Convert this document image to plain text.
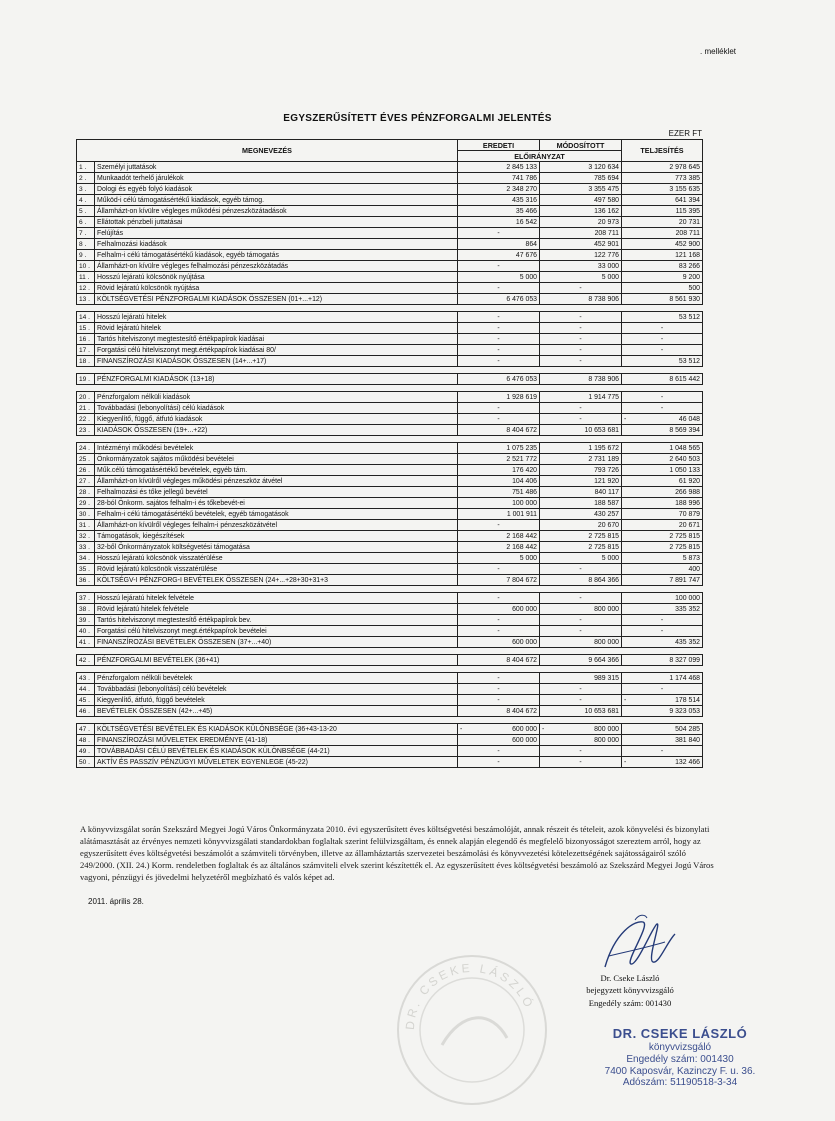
. melléklet
EGYSZERŰSÍTETT ÉVES PÉNZFORGALMI JELENTÉS
EZER FT
MEGNEVEZÉS		EREDETI	MÓDOSÍTOTT	TELJESÍTÉS
		ELŐIRÁNYZAT		
1 .	Személyi juttatások	2 845 133	3 120 634	2 978 645
2 .	Munkaadót terhelő járulékok	741 786	785 694	773 385
3 .	Dologi és egyéb folyó kiadások	2 348 270	3 355 475	3 155 635
4 .	Működ-i célú támogatásértékű kiadások, egyéb támog.	435 316	497 580	641 394
5 .	Államházt-on kívülre végleges működési pénzeszközátadások	35 466	136 162	115 395
6 .	Ellátottak pénzbeli juttatásai	16 542	20 973	20 731
7 .	Felújítás	-	208 711	208 711
8 .	Felhalmozási kiadások	864	452 901	452 900
9 .	Felhalm-i célú támogatásértékű kiadások, egyéb támogatás	47 676	122 776	121 168
10 .	Államházt-on kívülre végleges felhalmozási pénzeszközátadás	-	33 000	83 266
11 .	Hosszú lejáratú kölcsönök nyújtása	5 000	5 000	9 200
12 .	Rövid lejáratú kölcsönök nyújtása	-	-	500
13 .	KÖLTSÉGVETÉSI PÉNZFORGALMI KIADÁSOK ÖSSZESEN (01+...+12)	6 476 053	8 738 906	8 561 930

14 .	Hosszú lejáratú hitelek	-	-	53 512
15 .	Rövid lejáratú hitelek	-	-	-
16 .	Tartós hitelviszonyt megtestesítő értékpapírok kiadásai	-	-	-
17 .	Forgatási célú hitelviszonyt megt.értékpapírok kiadásai 80/	-	-	-
18 .	FINANSZÍROZÁSI KIADÁSOK ÖSSZESEN (14+...+17)	-	-	53 512

19 .	PÉNZFORGALMI KIADÁSOK (13+18)	6 476 053	8 738 906	8 615 442

20 .	Pénzforgalom nélküli kiadások	1 928 619	1 914 775	-
21 .	Továbbadási (lebonyolítási) célú kiadások	-	-	-
22 .	Kiegyenlítő, függő, átfutó kiadások	-	-	- 46 048
23 .	KIADÁSOK ÖSSZESEN (19+...+22)	8 404 672	10 653 681	8 569 394

24 .	Intézményi működési bevételek	1 075 235	1 195 672	1 048 565
25 .	Önkormányzatok sajátos működési bevételei	2 521 772	2 731 189	2 640 503
26 .	Műk.célú támogatásértékű bevételek, egyéb tám.	176 420	793 726	1 050 133
27 .	Államházt-on kívülről végleges működési pénzeszköz átvétel	104 406	121 920	61 920
28 .	Felhalmozási és tőke jellegű bevétel	751 486	840 117	266 988
29 .	28-ból Önkorm. sajátos felhalm-i és tőkebevét-ei	100 000	188 587	188 996
30 .	Felhalm-i célú támogatásértékű bevételek, egyéb támogatások	1 001 911	430 257	70 879
31 .	Államházt-on kívülről végleges felhalm-i pénzeszközátvétel	-	20 670	20 671
32 .	Támogatások, kiegészítések	2 168 442	2 725 815	2 725 815
33 .	32-ből Önkormányzatok költségvetési támogatása	2 168 442	2 725 815	2 725 815
34 .	Hosszú lejáratú kölcsönök visszatérülése	5 000	5 000	5 873
35 .	Rövid lejáratú kölcsönök visszatérülése	-	-	400
36 .	KÖLTSÉGV-I PÉNZFORG-I BEVÉTELEK ÖSSZESEN (24+...+28+30+31+3	7 804 672	8 864 366	7 891 747

37 .	Hosszú lejáratú hitelek felvétele	-	-	100 000
38 .	Rövid lejáratú hitelek felvétele	600 000	800 000	335 352
39 .	Tartós hitelviszonyt megtestesítő értékpapírok bev.	-	-	-
40 .	Forgatási célú hitelviszonyt megt.értékpapírok bevételei	-	-	-
41 .	FINANSZÍROZÁSI BEVÉTELEK ÖSSZESEN (37+...+40)	600 000	800 000	435 352

42 .	PÉNZFORGALMI BEVÉTELEK (36+41)	8 404 672	9 664 366	8 327 099

43 .	Pénzforgalom nélküli bevételek	-	989 315	1 174 468
44 .	Továbbadási (lebonyolítási) célú bevételek	-	-	-
45 .	Kiegyenlítő, átfutó, függő bevételek	-	-	- 178 514
46 .	BEVÉTELEK ÖSSZESEN (42+...+45)	8 404 672	10 653 681	9 323 053

47 .	KÖLTSÉGVETÉSI BEVÉTELEK ÉS KIADÁSOK KÜLÖNBSÉGE (36+43-13-20	- 600 000	- 800 000	504 285
48 .	FINANSZÍROZÁSI MŰVELETEK EREDMÉNYE (41-18)	600 000	800 000	381 840
49 .	TOVÁBBADÁSI CÉLÚ BEVÉTELEK ÉS KIADÁSOK KÜLÖNBSÉGE (44-21)	-	-	-
50 .	AKTÍV ÉS PASSZÍV PÉNZÜGYI MŰVELETEK EGYENLEGE (45-22)	-	-	- 132 466
A könyvvizsgálat során Szekszárd Megyei Jogú Város Önkormányzata 2010. évi egyszerűsített éves költségvetési beszámolóját, annak részeit és tételeit, azok könyvelési és bizonylati alátámasztását az érvényes nemzeti könyvvizsgálati standardokban foglaltak szerint felülvizsgáltam, és ennek alapján elegendő és megfelelő bizonyosságot szereztem arról, hogy az egyszerűsített éves költségvetési beszámolót a számviteli törvényben, illetve az államháztartás szervezetei beszámolási és könyvvezetési kötelezettségének sajátosságairól szóló 249/2000. (XII. 24.) Korm. rendeletben foglaltak és az általános számviteli elvek szerint készítették el. Az egyszerűsített éves költségvetési beszámoló az Szekszárd Megyei Jogú Város vagyoni, pénzügyi és jövedelmi helyzetéről megbízható és valós képet ad.
2011. április 28.
DR. CSEKE LÁSZLÓ
Dr. Cseke László
bejegyzett könyvvizsgáló
Engedély szám: 001430
DR. CSEKE LÁSZLÓ
könyvvizsgáló
Engedély szám: 001430
7400 Kaposvár, Kazinczy F. u. 36.
Adószám: 51190518-3-34
